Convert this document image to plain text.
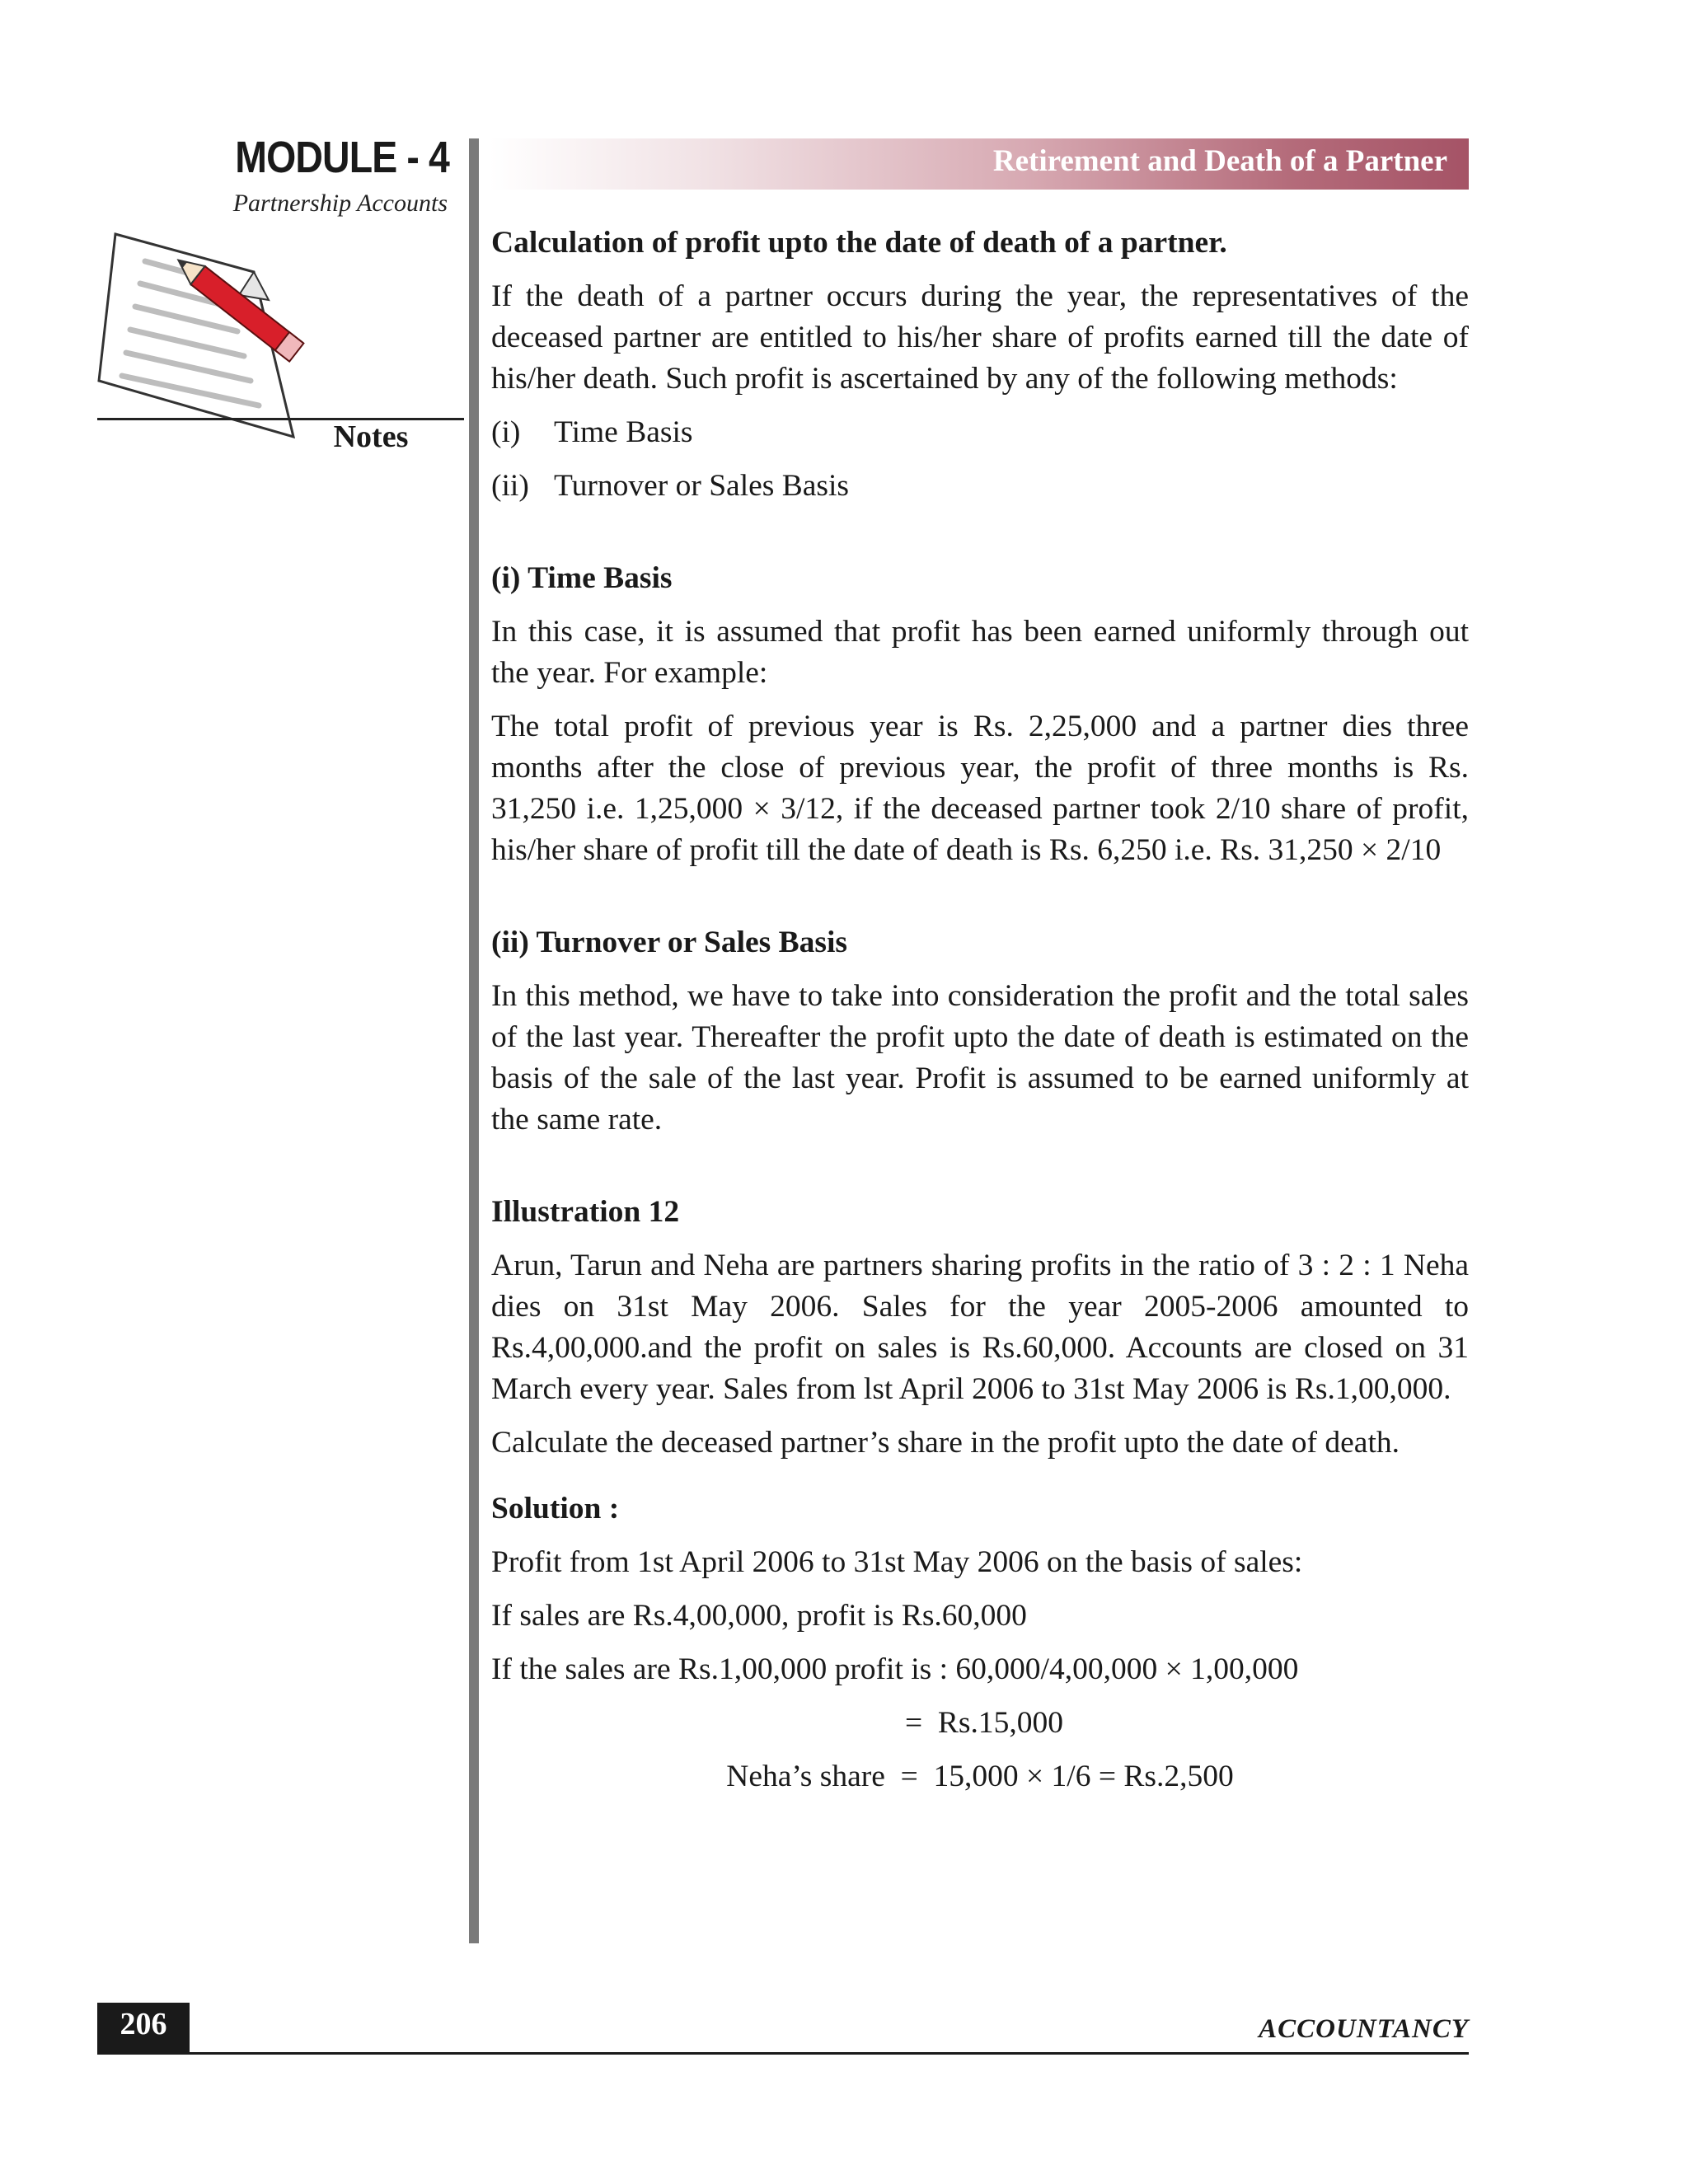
MODULE - 4
Partnership Accounts
Notes
Retirement and Death of a Partner
Calculation of profit upto the date of death of a partner.

If the death of a partner occurs during the year, the representatives of the deceased partner are entitled to his/her share of profits earned till the date of his/her death. Such profit is ascertained by any of the following methods:

(i)	Time Basis
(ii) Turnover or Sales Basis
(i) Time Basis

In this case, it is assumed that profit has been earned uniformly through out the year. For example:

The total profit of previous year is Rs. 2,25,000 and a partner dies three months after the close of previous year, the profit of three months is Rs. 31,250 i.e. 1,25,000 × 3/12, if the deceased partner took 2/10 share of profit, his/her share of profit till the date of death is Rs. 6,250 i.e. Rs. 31,250 × 2/10

(ii) Turnover or Sales Basis

In this method, we have to take into consideration the profit and the total sales of the last year. Thereafter the profit upto the date of death is estimated on the basis of the sale of the last year. Profit is assumed to be earned uniformly at the same rate.

Illustration 12

Arun, Tarun and Neha are partners sharing profits in the ratio of 3 : 2 : 1 Neha dies on 31st May 2006. Sales for the year 2005-2006 amounted to Rs.4,00,000.and the profit on sales is Rs.60,000. Accounts are closed on 31 March every year. Sales from lst April 2006 to 31st May 2006 is Rs.1,00,000.

Calculate the deceased partner’s share in the profit upto the date of death.

Solution :

Profit from 1st April 2006 to 31st May 2006 on the basis of sales:

If sales are Rs.4,00,000, profit is Rs.60,000

If the sales are Rs.1,00,000 profit is : 60,000/4,00,000 × 1,00,000

=  Rs.15,000
Neha’s share  =  15,000 × 1/6 = Rs.2,500
206	ACCOUNTANCY
